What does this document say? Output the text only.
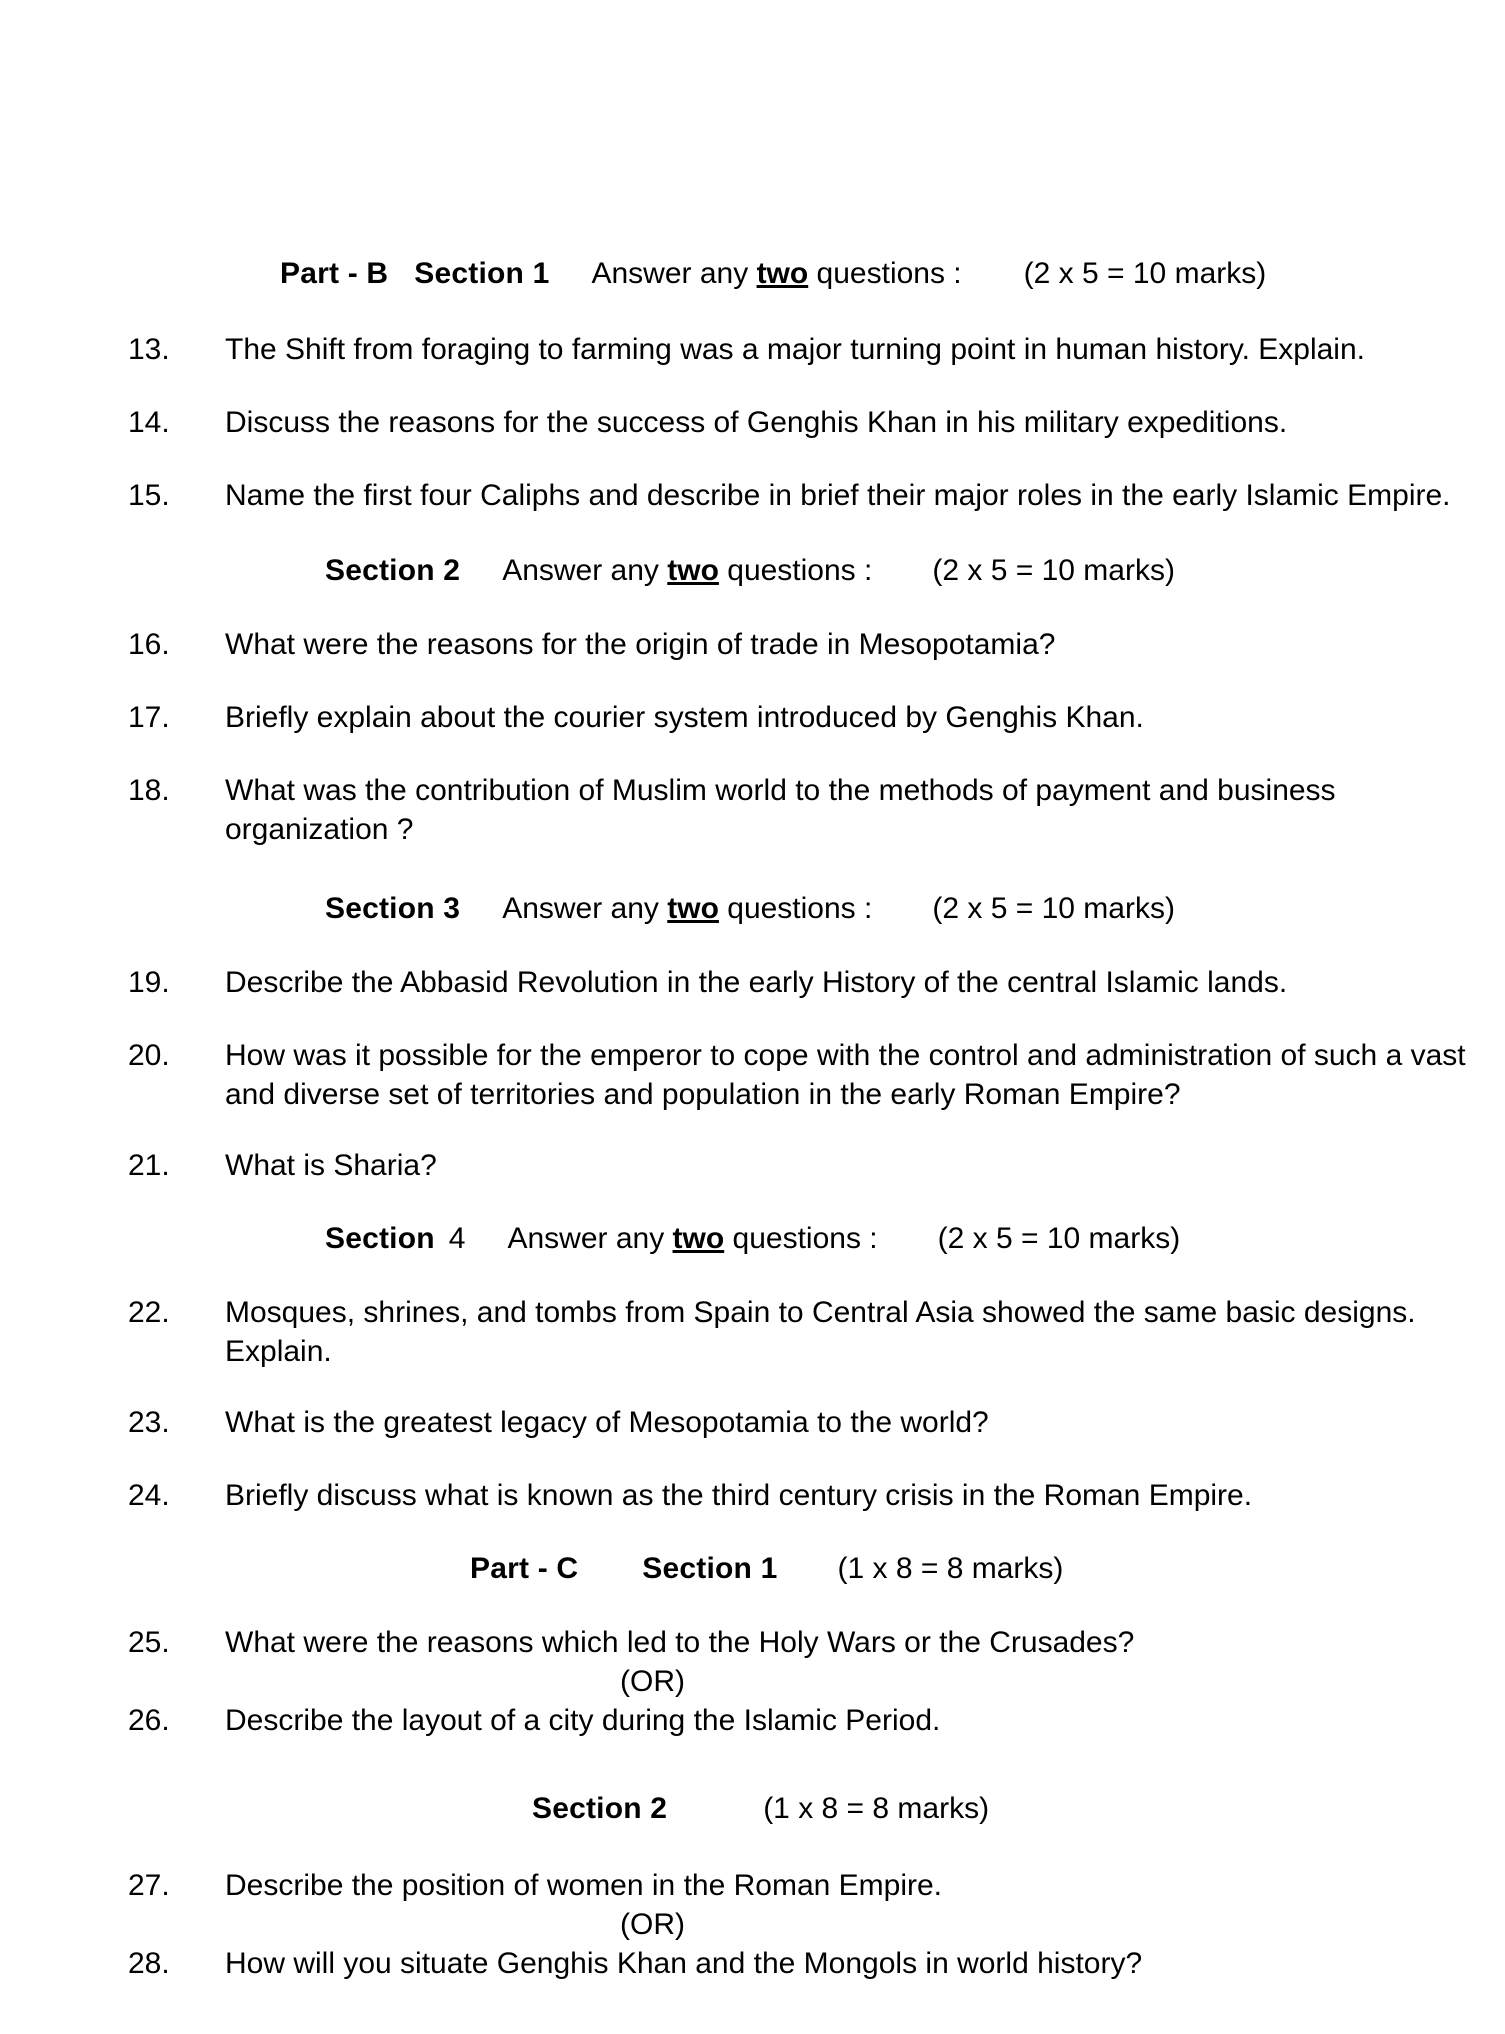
Part - B Section 1 Answer any two questions : (2 x 5 = 10 marks)
13.	The Shift from foraging to farming was a major turning point in human history. Explain.
14.	Discuss the reasons for the success of Genghis Khan in his military expeditions.
15.	Name the first four Caliphs and describe in brief their major roles in the early Islamic Empire.
Section 2 Answer any two questions : (2 x 5 = 10 marks)
16.	What were the reasons for the origin of trade in Mesopotamia?
17.	Briefly explain about the courier system introduced by Genghis Khan.
18.	What was the contribution of Muslim world to the methods of payment and business organization ?
Section 3 Answer any two questions : (2 x 5 = 10 marks)
19.	Describe the Abbasid Revolution in the early History of the central Islamic lands.
20.	How was it possible for the emperor to cope with the control and administration of such a vast and diverse set of territories and population in the early Roman Empire?
21.	What is Sharia?
Section 4 Answer any two questions : (2 x 5 = 10 marks)
22.	Mosques, shrines, and tombs from Spain to Central Asia showed the same basic designs. Explain.
23.	What is the greatest legacy of Mesopotamia to the world?
24.	Briefly discuss what is known as the third century crisis in the Roman Empire.
Part - C Section 1 (1 x 8 = 8 marks)
25.	What were the reasons which led to the Holy Wars or the Crusades?
(OR)
26.	Describe the layout of a city during the Islamic Period.
Section 2	(1 x 8 = 8 marks)
27.	Describe the position of women in the Roman Empire.
(OR)
28.	How will you situate Genghis Khan and the Mongols in world history?
